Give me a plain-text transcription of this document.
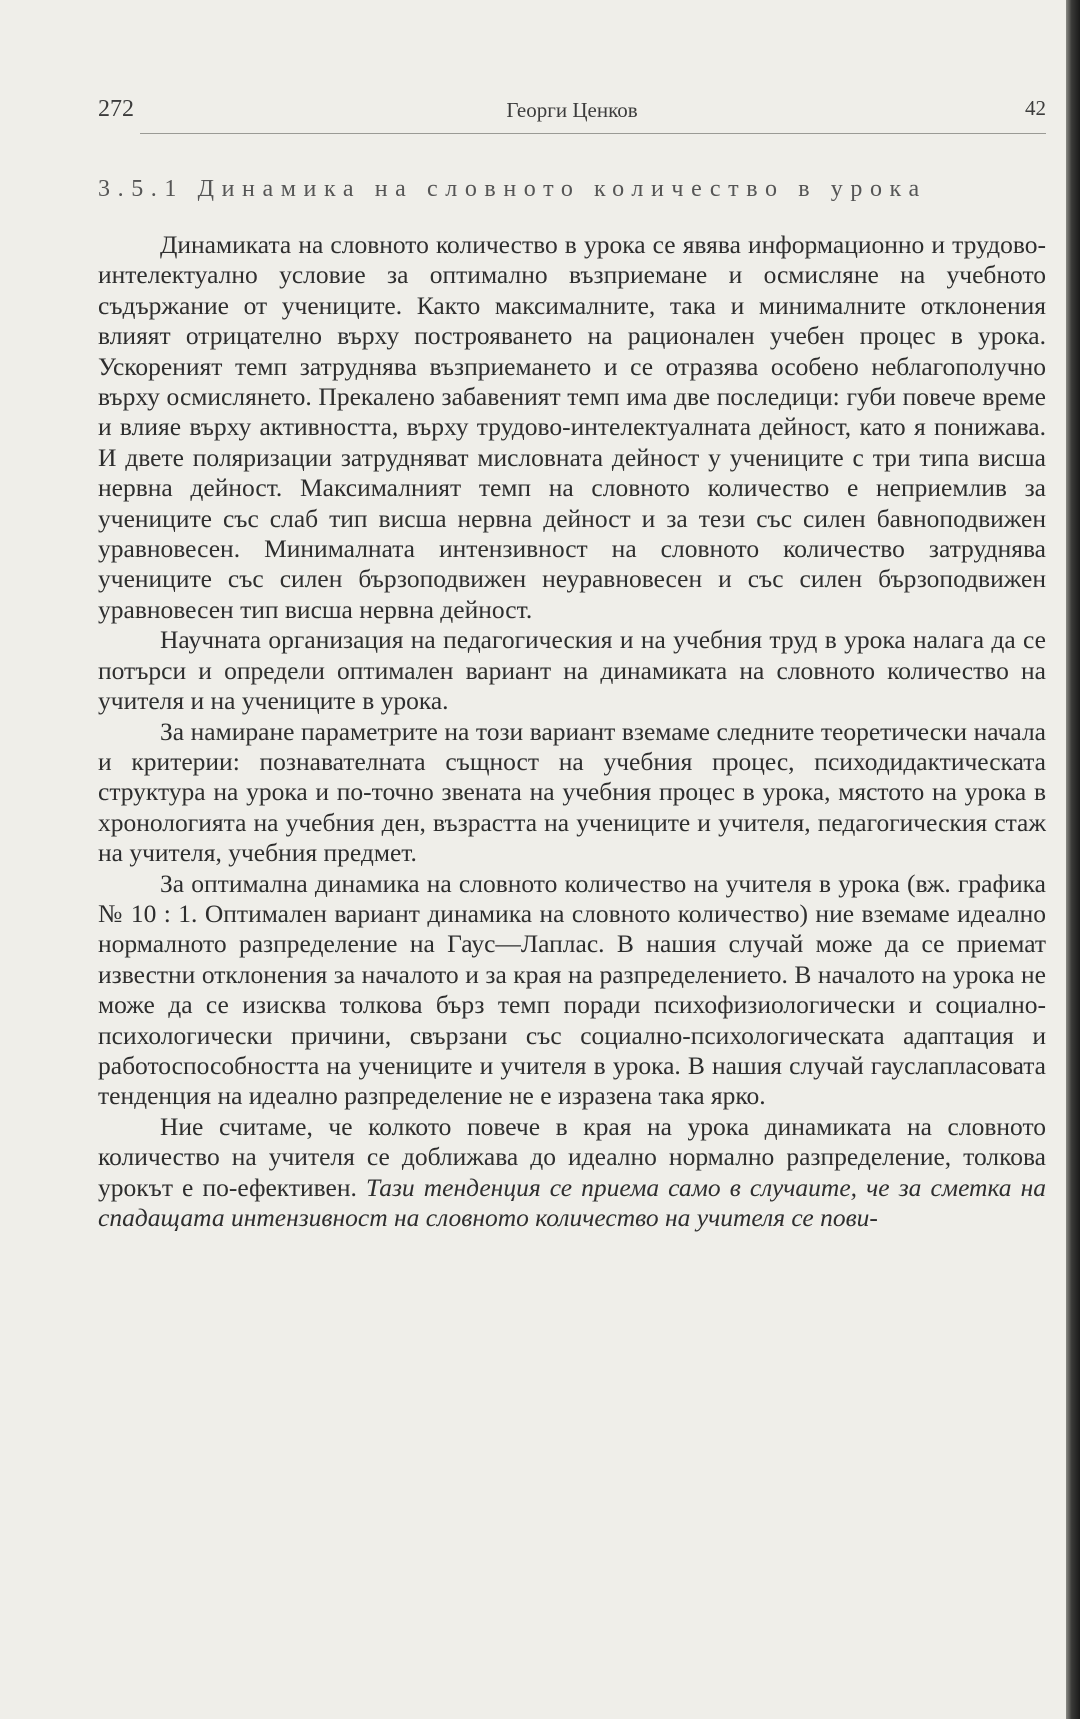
272	Георги Ценков	42
3.5.1 Динамика на словното количество в урока

Динамиката на словното количество в урока се явява информационно и трудово-интелектуално условие за оптимално възприемане и осмисляне на учебното съдържание от учениците. Както максималните, така и минималните отклонения влияят отрицателно върху построяването на рационален учебен процес в урока. Ускореният темп затруднява възприемането и се отразява особено неблагополучно върху осмислянето. Прекалено забавеният темп има две последици: губи повече време и влияе върху активността, върху трудово-интелектуалната дейност, като я понижава. И двете поляризации затрудняват мисловната дейност у учениците с три типа висша нервна дейност. Максималният темп на словното количество е неприемлив за учениците със слаб тип висша нервна дейност и за тези със силен бавноподвижен уравновесен. Минималната интензивност на словното количество затруднява учениците със силен бързоподвижен неуравновесен и със силен бързоподвижен уравновесен тип висша нервна дейност.

Научната организация на педагогическия и на учебния труд в урока налага да се потърси и определи оптимален вариант на динамиката на словното количество на учителя и на учениците в урока.

За намиране параметрите на този вариант вземаме следните теоретически начала и критерии: познавателната същност на учебния процес, психодидактическата структура на урока и по-точно звената на учебния процес в урока, мястото на урока в хронологията на учебния ден, възрастта на учениците и учителя, педагогическия стаж на учителя, учебния предмет.

За оптимална динамика на словното количество на учителя в урока (вж. графика № 10 : 1. Оптимален вариант динамика на словното количество) ние вземаме идеално нормалното разпределение на Гаус—Лаплас. В нашия случай може да се приемат известни отклонения за началото и за края на разпределението. В началото на урока не може да се изисква толкова бърз темп поради психофизиологически и социално-психологически причини, свързани със социално-психологическата адаптация и работоспособността на учениците и учителя в урока. В нашия случай гауслапласовата тенденция на идеално разпределение не е изразена така ярко.

Ние считаме, че колкото повече в края на урока динамиката на словното количество на учителя се доближава до идеално нормално разпределение, толкова урокът е по-ефективен. Тази тенденция се приема само в случаите, че за сметка на спадащата интензивност на словното количество на учителя се пови-
